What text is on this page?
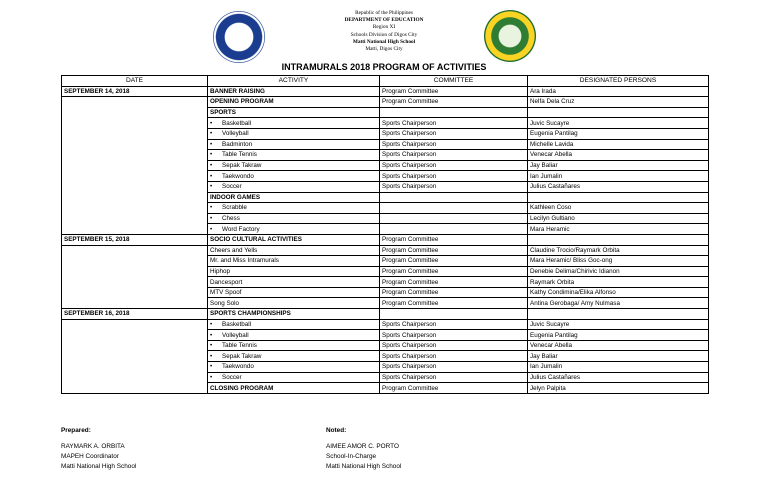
Republic of the Philippines
DEPARTMENT OF EDUCATION
Region XI
Schools Division of Digos City
Matti National High School
Matti, Digos City
INTRAMURALS 2018 PROGRAM OF ACTIVITIES
DATE	ACTIVITY	COMMITTEE	DESIGNATED PERSONS
SEPTEMBER 14, 2018	BANNER RAISING	Program Committee	Ara Irada
	OPENING PROGRAM	Program Committee	Nelfa Dela Cruz
	SPORTS		
	• Basketball	Sports Chairperson	Juvic Sucayre
	• Volleyball	Sports Chairperson	Eugenia Pantilag
	• Badminton	Sports Chairperson	Michelle Lavida
	• Table Tennis	Sports Chairperson	Venecar Abella
	• Sepak Takraw	Sports Chairperson	Jay Baliar
	• Taekwondo	Sports Chairperson	Ian Jumalin
	• Soccer	Sports Chairperson	Julius Castañares
	INDOOR GAMES		
	• Scrabble		Kathleen Coso
	• Chess		Lecilyn Gultiano
	• Word Factory		Mara Heramic
SEPTEMBER 15, 2018	SOCIO CULTURAL ACTIVITIES	Program Committee	
	Cheers and Yells	Program Committee	Claudine Trocio/Raymark Orbita
	Mr. and Miss Intramurals	Program Committee	Mara Heramic/ Bliss Goc-ong
	Hiphop	Program Committee	Denebie Delima/Chirivic Idianon
	Dancesport	Program Committee	Raymark Orbita
	MTV Spoof	Program Committee	Kathy Condimina/Elika Alfonso
	Song Solo	Program Committee	Antina Gerobaga/ Amy Nulmasa
SEPTEMBER 16, 2018	SPORTS CHAMPIONSHIPS		
	• Basketball	Sports Chairperson	Juvic Sucayre
	• Volleyball	Sports Chairperson	Eugenia Pantilag
	• Table Tennis	Sports Chairperson	Venecar Abella
	• Sepak Takraw	Sports Chairperson	Jay Baliar
	• Taekwondo	Sports Chairperson	Ian Jumalin
	• Soccer	Sports Chairperson	Julius Castañares
	CLOSING PROGRAM	Program Committee	Jelyn Palpita
Prepared:
RAYMARK A. ORBITA
MAPEH Coordinator
Matti National High School
Noted:
AIMEE AMOR C. PORTO
School-In-Charge
Matti National High School
